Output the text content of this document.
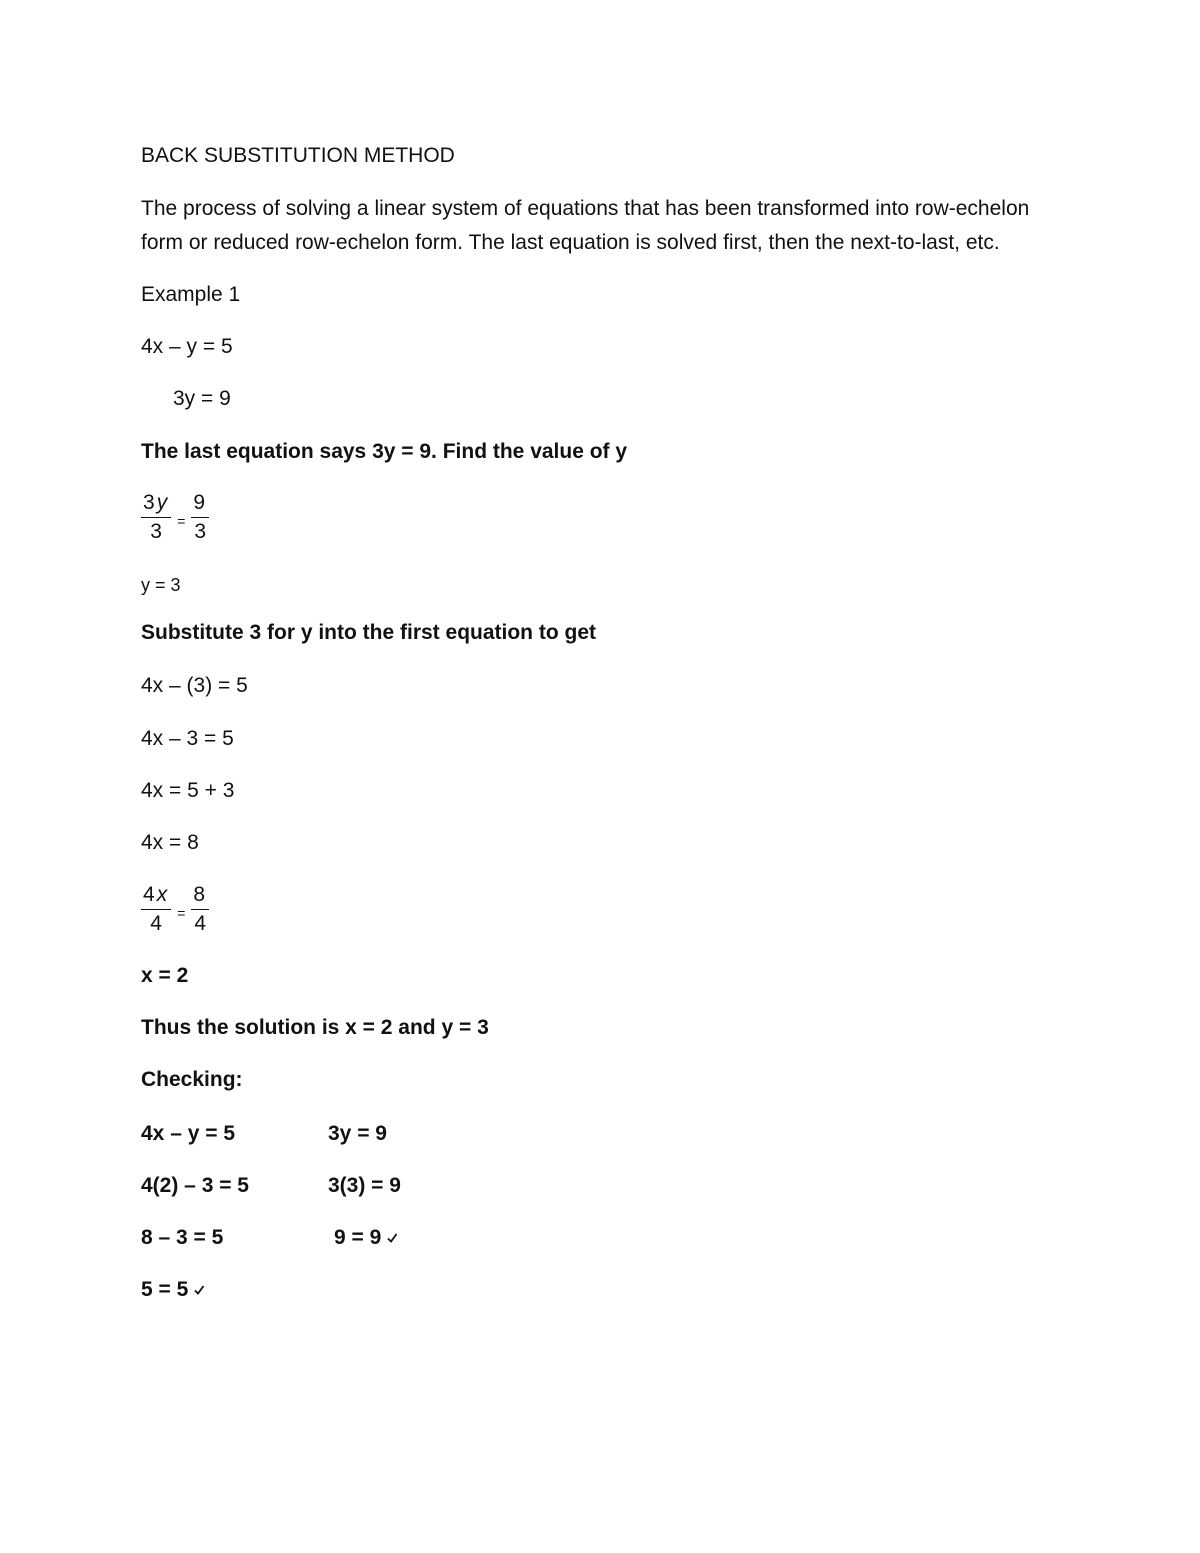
BACK SUBSTITUTION METHOD
The process of solving a linear system of equations that has been transformed into row-echelon
form or reduced row-echelon form. The last equation is solved first, then the next-to-last, etc.
Example 1
4x – y = 5
3y = 9
The last equation says 3y = 9. Find the value of y
$\frac{3y}{3} = \frac{9}{3}$
y = 3
Substitute 3 for y into the first equation to get
4x – (3) = 5
4x – 3 = 5
4x = 5 + 3
4x = 8
$\frac{4x}{4} = \frac{8}{4}$
x = 2
Thus the solution is x = 2 and y = 3
Checking:
4x – y = 5	3y = 9
4(2) – 3 = 5	3(3) = 9
8 – 3 = 5	9 = 9
5 = 5
